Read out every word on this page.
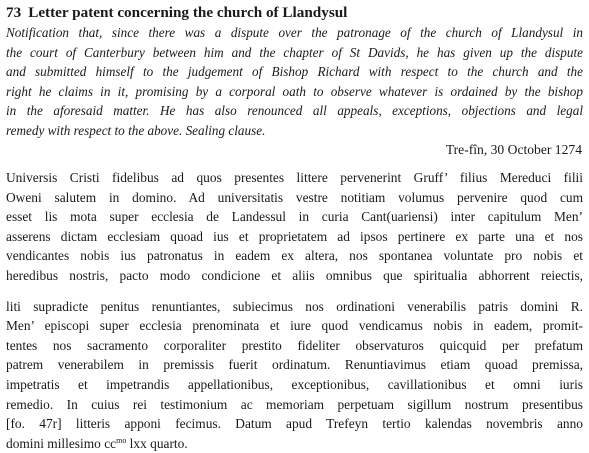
73 Letter patent concerning the church of Llandysul
Notification that, since there was a dispute over the patronage of the church of Llandysul in
the court of Canterbury between him and the chapter of St Davids, he has given up the dispute
and submitted himself to the judgement of Bishop Richard with respect to the church and the
right he claims in it, promising by a corporal oath to observe whatever is ordained by the bishop
in the aforesaid matter. He has also renounced all appeals, exceptions, objections and legal
remedy with respect to the above. Sealing clause.
Tre-fîn, 30 October 1274
Universis Cristi fidelibus ad quos presentes littere pervenerint Gruff’ filius Mereduci filii
Oweni salutem in domino. Ad universitatis vestre notitiam volumus pervenire quod cum
esset lis mota super ecclesia de Landessul in curia Cant(uariensi) inter capitulum Men’
asserens dictam ecclesiam quoad ius et proprietatem ad ipsos pertinere ex parte una et nos
vendicantes nobis ius patronatus in eadem ex altera, nos spontanea voluntate pro nobis et
heredibus nostris, pacto modo condicione et aliis omnibus que spiritualia abhorrent reiectis,
liti supradicte penitus renuntiantes, subiecimus nos ordinationi venerabilis patris domini R.
Men’ episcopi super ecclesia prenominata et iure quod vendicamus nobis in eadem, promit-
tentes nos sacramento corporaliter prestito fideliter observaturos quicquid per prefatum
patrem venerabilem in premissis fuerit ordinatum. Renuntiavimus etiam quoad premissa,
impetratis et impetrandis appellationibus, exceptionibus, cavillationibus et omni iuris
remedio. In cuius rei testimonium ac memoriam perpetuam sigillum nostrum presentibus
[fo. 47r] litteris apponi fecimus. Datum apud Trefeyn tertio kalendas novembris anno
domini millesimo $cc^{mo}$ lxx quarto.
